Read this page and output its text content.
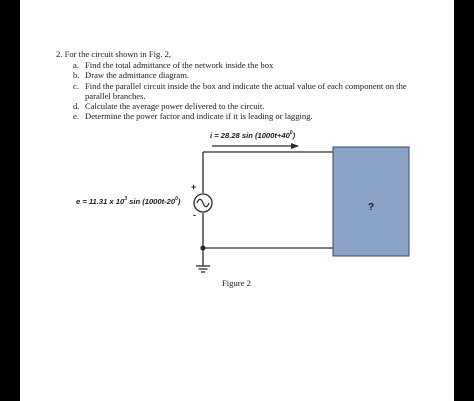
2. For the circuit shown in Fig. 2,
a. Find the total admittance of the network inside the box
b. Draw the admittance diagram.
c. Find the parallel circuit inside the box and indicate the actual value of each component on the parallel branches.
d. Calculate the average power delivered to the circuit.
e. Determine the power factor and indicate if it is leading or lagging.
i = 28.28 $\sin (1000t+40^0)$
e = 11.31 x $10^3$ $\sin (1000t-20^0)$
+
-
?
Figure 2
